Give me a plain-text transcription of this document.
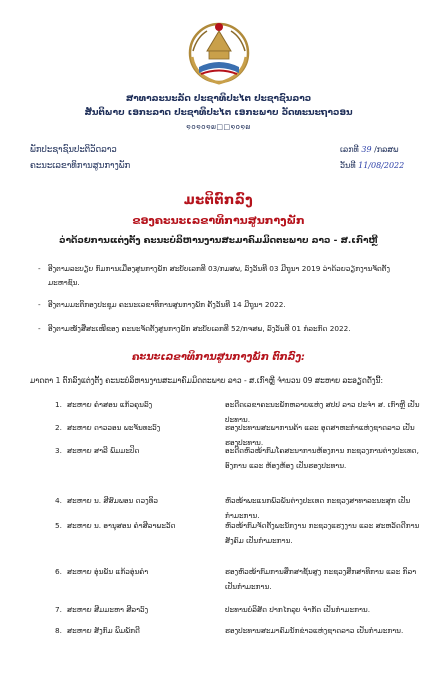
ສາທາລະນະລັດ ປະຊາທິປະໄຕ ປະຊາຊົນລາວ
ສັນຕິພາບ ເອກະລາດ ປະຊາທິປະໄຕ ເອກະພາບ ວັດທະນະຖາວອນ
໑໐໑໐໑໙□□໑໐໑໙
ພັກປະຊາຊົນປະຕິວັດລາວ
ຄະນະເລຂາທິການສູນກາງພັກ
ເລກທີ 39 /ກລສພ
ວັນທີ 11/08/2022
ມະຕິຕົກລົງ
ຂອງຄະນະເລຂາທິການສູນກາງພັກ
ວ່າດ້ວຍການແຕ່ງຕັ້ງ ຄະນະບໍລິຫານງານສະມາຄົມມິດຕະພາບ ລາວ - ສ.ເກົາຫຼີ
- ອີງຕາມລະບຽບ ກົມການເມືອງສູນກາງພັກ ສະບັບເລກທີ 03/ກມສພ, ລົງວັນທີ 03 ມີຖຸນາ 2019 ວ່າດ້ວຍວຽກງານຈັດຕັ້ງມະຫາຊົນ.
- ອີງຕາມມະຕິກອງປະຊຸມ ຄະນະເລຂາທິການສູນກາງພັກ ຄັ້ງວັນທີ 14 ມີຖຸນາ 2022.
- ອີງຕາມໜັງສືສະເໜີຂອງ ຄະນະຈັດຕັ້ງສູນກາງພັກ ສະບັບເລກທີ 52/ກຈສພ, ລົງວັນທີ 01 ກໍລະກົດ 2022.
ຄະນະເລຂາທິການສູນກາງພັກ ຕົກລົງ:
ມາດຕາ 1 ຕົກລົງແຕ່ງຕັ້ງ ຄະນະບໍລິຫານງານສະມາຄົມມິດຕະພາບ ລາວ - ສ.ເກົາຫຼີ ຈໍານວນ 09 ສະຫາຍ ລະອຽດດັ່ງນີ້:
1. ສະຫາຍ ຄໍາສອນ ແກ້ວຄຸນລົງ	ອະດີດເລຂາຄະນະພັກຫລາຍແຫ່ງ ສປປ ລາວ ປະຈໍາ ສ. ເກົາຫຼີ ເປັນປະທານ.
2. ສະຫາຍ ດາວວອນ ພະຈັນທະວົງ	ຮອງປະທານສະພາການຄ້າ ແລະ ອຸດສາຫະກໍາແຫ່ງຊາດລາວ ເປັນຮອງປະທານ.
3. ສະຫາຍ ສາລີ ພົມມະປິດ	ອະດີດຫົວໜ້າກົມໂຄສະນາການຫ້ອງການ ກະຊວງການຕ່າງປະເທດ, ອົງການ ແລະ ຫ້ອງຫ້ອງ ເປັນຮອງປະທານ.
4. ສະຫາຍ ນ. ສີສົມພອນ ດວງທິວ	ຫົວໜ້າພະແນກພົວພັນຕ່າງປະເທດ ກະຊວງສາທາລະນະສຸກ ເປັນກໍາມະການ.
5. ສະຫາຍ ນ. ອານຸສອນ ຄໍາສີລາພະວັດ	ຫົວໜ້າກົມຈັດຕັ້ງພະນັກງານ ກະຊວງແຮງງານ ແລະ ສະຫວັດດີການສັງຄົມ ເປັນກໍາມະການ.
6. ສະຫາຍ ອຸ່ນພັນ ແກ້ວອຸ່ນຄໍາ	ຮອງຫົວໜ້າກົມການສຶກສາຊັ້ນສູງ ກະຊວງສຶກສາທິການ ແລະ ກິລາ ເປັນກໍາມະການ.
7. ສະຫາຍ ສີມມະຫາ ສີລາວົງ	ປະທານບໍລິສັດ ປາກໄກລຸບ ຈໍາກັດ ເປັນກໍາມະການ.
8. ສະຫາຍ ສັງກົມ ພິມພັກດີ	ຮອງປະທານສະມາຄົມນັກຂ່າວແຫ່ງຊາດລາວ ເປັນກໍາມະການ.
